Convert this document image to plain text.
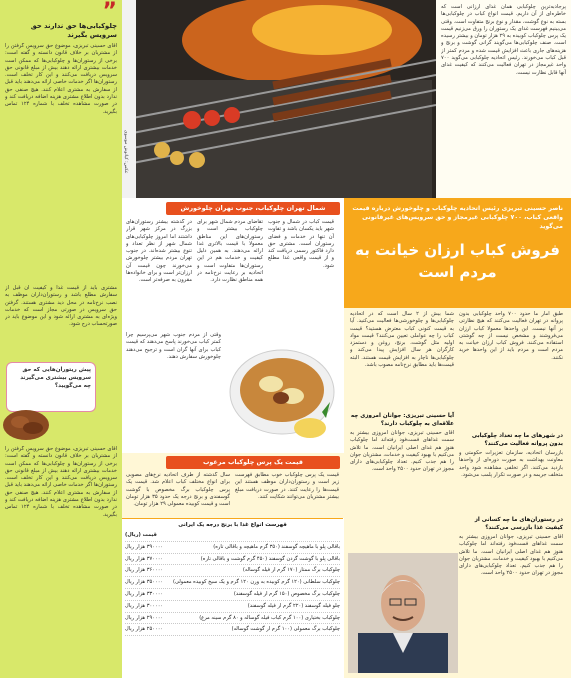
”
چلوکبابی‌ها حق ندارند حق سرویس بگیرند
آقای حسینی تبریزی، موضوع حق سرویس گرفتن را از مشتریان بر خلاف قانون دانسته و گفته است: برخی از رستوران‌ها و چلوکبابی‌ها که ممکن است خدمات بیشتری ارائه دهند بیش از مبلغ قانونی حق سرویس دریافت می‌کنند و این کار تخلف است. رستوران‌ها اگر خدمات خاصی ارائه می‌دهند باید قبل از سفارش به مشتری اعلام کنند. هیچ صنفی حق ندارد بدون اطلاع مشتری هزینه اضافه دریافت کند و در صورت مشاهده تخلف با شماره ۱۲۴ تماس بگیرید.
مشتری باید از قیمت غذا و کیفیت آن قبل از سفارش مطلع باشد و رستوران‌داران موظف به نصب نرخ‌نامه در محل دید مشتری هستند. گرفتن حق سرویس در صورتی مجاز است که خدمات ویژه‌ای به مشتری ارائه شود و این موضوع باید در صورتحساب درج شود.
پیش ریتوران‌هایی که حق سرویس بیشتری می‌گیرند چه می‌گویید؟
آقای حسینی تبریزی، موضوع حق سرویس گرفتن را از مشتریان بر خلاف قانون دانسته و گفته است: برخی از رستوران‌ها و چلوکبابی‌ها که ممکن است خدمات بیشتری ارائه دهند بیش از مبلغ قانونی حق سرویس دریافت می‌کنند و این کار تخلف است. رستوران‌ها اگر خدمات خاصی ارائه می‌دهند باید قبل از سفارش به مشتری اعلام کنند. هیچ صنفی حق ندارد بدون اطلاع مشتری هزینه اضافه دریافت کند و در صورت مشاهده تخلف با شماره ۱۲۴ تماس بگیرید.
عکس: کیانوش موسوی
پرجاذبه‌ترین چلوکبابی همان غذای ارزانی است که خاطره‌ای از آن داریم. قیمت انواع کباب در چلوکبابی‌ها بسته به نوع گوشت، مقدار و نوع برنج متفاوت است. وقتی می‌بینیم فهرست غذای یک رستوران را ورق می‌زنیم قیمت یک پرس چلوکباب کوبیده به ۲۹ هزار تومان و بیشتر رسیده است. صنف چلوکبابی‌ها می‌گویند گرانی گوشت و برنج و هزینه‌های جاری باعث افزایش قیمت شده و مردم کمتر از قبل کباب می‌خورند. رئیس اتحادیه چلوکبابی می‌گوید ۷۰۰ واحد غیرمجاز در تهران فعالیت می‌کنند که کیفیت غذای آنها قابل نظارت نیست.
ناصر حسینی تبریزی رئیس اتحادیه چلوکباب و چلوخورش درباره قیمت واقعی کباب، ۷۰۰ چلوکبابی غیرمجاز و حق سرویس‌های غیرقانونی می‌گوید
فروش کباب ارزان خیانت به مردم است
شما بیش از ۲ سال است که در اتحادیه چلوکبابی‌ها و چلوخورشی‌ها فعالیت می‌کنید. آیا به قیمت کنونی کباب معترض هستید؟ قیمت کباب را چه عواملی تعیین می‌کنند؟ قیمت مواد اولیه مثل گوشت، برنج، روغن و دستمزد کارگران هر سال افزایش پیدا می‌کند و چلوکبابی‌ها ناچار به افزایش قیمت هستند. البته قیمت‌ها باید مطابق نرخ‌نامه مصوب باشد.
آیا حسینی تبریزی: جوانان امروزی چه علاقه‌ای به چلوکباب دارند؟
آقای حسینی تبریزی، جوانان امروزی بیشتر به سمت غذاهای فست‌فود رفته‌اند اما چلوکباب هنوز هم غذای اصلی ایرانیان است. ما تلاش می‌کنیم با بهبود کیفیت و خدمات، مشتریان جوان را هم جذب کنیم. تعداد چلوکبابی‌های دارای مجوز در تهران حدود ۲۵۰۰ واحد است.
طبق آمار ما حدود ۷۰۰ واحد چلوکبابی بدون پروانه در تهران فعالیت می‌کنند که هیچ نظارتی بر آنها نیست. این واحدها معمولا کباب ارزان می‌فروشند و مشخص نیست از چه گوشتی استفاده می‌کنند. فروش کباب ارزان خیانت به مردم است و مردم باید از این واحدها خرید نکنند.
در شهرهای ما چه تعداد چلوکبابی بدون پروانه فعالیت می‌کنند؟
بازرسان اتحادیه، سازمان تعزیرات حکومتی و معاونت بهداشت به صورت دوره‌ای از واحدها بازدید می‌کنند. اگر تخلفی مشاهده شود واحد متخلف جریمه و در صورت تکرار پلمب می‌شود.
در رستوران‌های ما چه کسانی از کیفیت غذا بازرسی می‌کنند؟
آقای حسینی تبریزی، جوانان امروزی بیشتر به سمت غذاهای فست‌فود رفته‌اند اما چلوکباب هنوز هم غذای اصلی ایرانیان است. ما تلاش می‌کنیم با بهبود کیفیت و خدمات، مشتریان جوان را هم جذب کنیم. تعداد چلوکبابی‌های دارای مجوز در تهران حدود ۲۵۰۰ واحد است.
شمال تهران چلوکباب، جنوب تهران چلوخورش
در گذشته بیشتر رستوران‌های بزرگ در مرکز شهر قرار داشتند اما امروز چلوکبابی‌های شمال شهر از نظر تعداد و تنوع بیشتر شده‌اند. در جنوب تهران مردم بیشتر چلوخورش می‌خورند چون قیمت آن ارزان‌تر است و برای خانواده‌ها مقرون به صرفه‌تر است.
تقاضای مردم شمال شهر برای چلوکباب بیشتر است و رستوران‌های این مناطق معمولا با قیمت بالاتری غذا ارائه می‌دهند. به همین دلیل کیفیت و خدمات هم در این رستوران‌ها متفاوت است و اتحادیه بر رعایت نرخ‌نامه در همه مناطق نظارت دارد.
قیمت کباب در شمال و جنوب شهر باید یکسان باشد و تفاوت آن تنها در خدمات و فضای رستوران است. مشتری حق دارد فاکتور رسمی دریافت کند و از قیمت واقعی غذا مطلع شود.
وقتی از مردم جنوب شهر می‌پرسیم چرا کمتر کباب می‌خورند پاسخ می‌دهند که قیمت کباب برای آنها گران است و ترجیح می‌دهند چلوخورش سفارش دهند.
قیمت یک پرس چلوکباب مرغوب
سال گذشته از طرف اتحادیه نرخ‌های مصوبی برای انواع مختلف کباب اعلام شد. قیمت یک پرس چلوکباب برگ مخصوص با گوشت گوسفندی و برنج درجه یک حدود ۳۵ هزار تومان است و قیمت کوبیده معمولی ۲۹ هزار تومان.
قیمت یک پرس چلوکباب خوب مطابق فهرست زیر است و رستوران‌داران موظف هستند این قیمت‌ها را رعایت کنند. در صورت دریافت مبلغ بیشتر مشتریان می‌توانند شکایت کنند.
فهرست انواع غذا با برنج درجه یک ایرانی
قیمت (ریال)
باقالی پلو با ماهیچه گوسفند (۳۵۰ گرم ماهیچه و باقالی تازه)
۳۹۰۰۰۰ هزار ریال
باقالی پلو با گوشت گردن گوسفند (۴۵۰ گرم گوشت و باقالی تازه)
۳۷۰۰۰۰ هزار ریال
چلوکباب برگ ممتاز (۱۷۰ گرم از فیله گوساله)
۳۶۰۰۰۰ هزار ریال
چلوکباب سلطانی (۱۲۰ گرم کوبیده به وزن ۱۲۰ گرم و یک سیخ کوبیده معمولی)
۳۵۰۰۰۰ هزار ریال
چلوکباب برگ مخصوص (۱۵۰ گرم از فیله گوسفند)
۳۳۰۰۰۰ هزار ریال
چلو فیله گوسفند (۲۲۰ گرم از فیله گوسفند)
۳۰۰۰۰۰ هزار ریال
چلوکباب بختیاری (۱۰۰ گرم کباب فیله گوساله و ۸۰ گرم سینه مرغ)
۲۹۰۰۰۰ هزار ریال
چلوکباب برگ معمولی (۱۰۰ گرم از گوشت گوساله)
۲۵۰۰۰۰ هزار ریال
